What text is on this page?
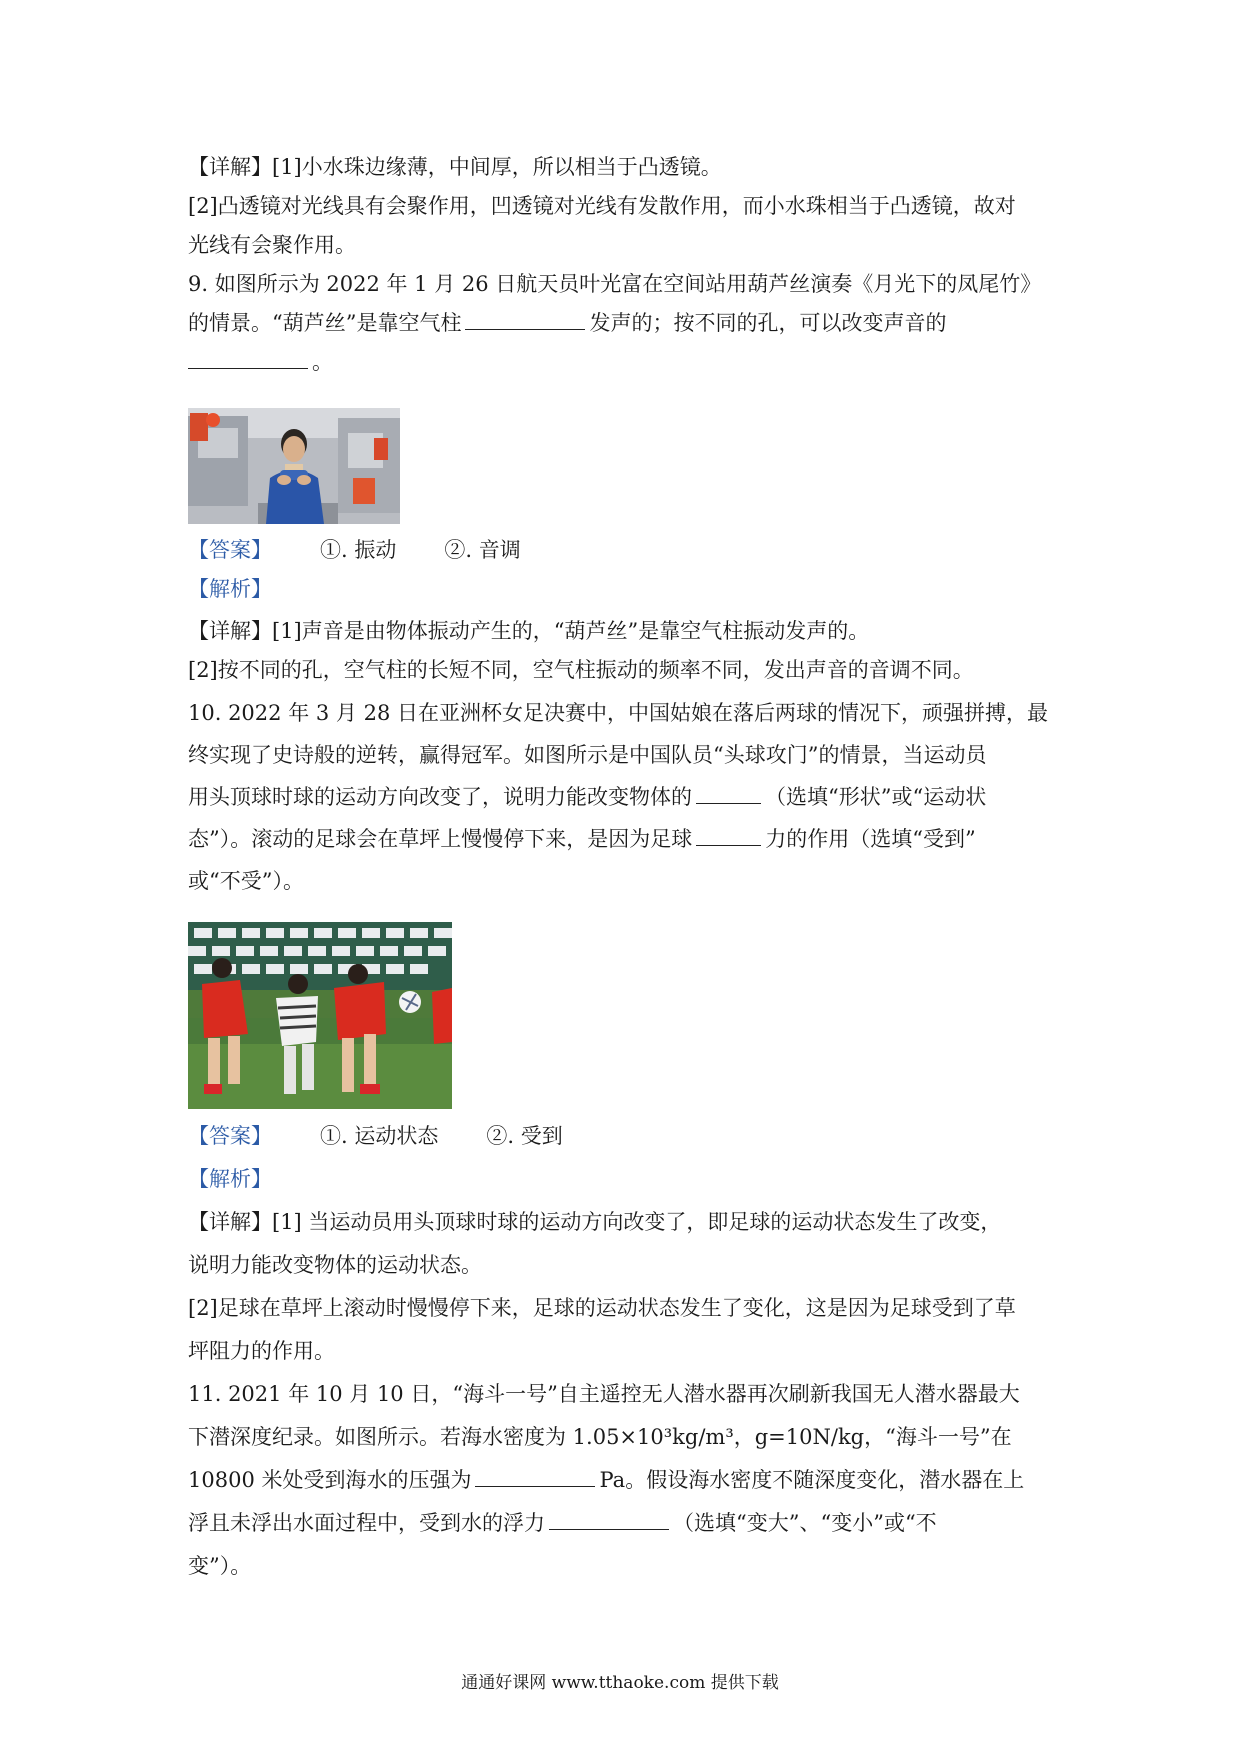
【详解】[1]小水珠边缘薄，中间厚，所以相当于凸透镜。

[2]凸透镜对光线具有会聚作用，凹透镜对光线有发散作用，而小水珠相当于凸透镜，故对

光线有会聚作用。

9. 如图所示为 2022 年 1 月 26 日航天员叶光富在空间站用葫芦丝演奏《月光下的凤尾竹》

的情景。“葫芦丝”是靠空气柱	发声的；按不同的孔，可以改变声音的

。

【答案】 ①. 振动 ②. 音调

【解析】

【详解】[1]声音是由物体振动产生的，“葫芦丝”是靠空气柱振动发声的。

[2]按不同的孔，空气柱的长短不同，空气柱振动的频率不同，发出声音的音调不同。

10. 2022 年 3 月 28 日在亚洲杯女足决赛中，中国姑娘在落后两球的情况下，顽强拼搏，最

终实现了史诗般的逆转，赢得冠军。如图所示是中国队员“头球攻门”的情景，当运动员

用头顶球时球的运动方向改变了，说明力能改变物体的	（选填“形状”或“运动状

态”）。滚动的足球会在草坪上慢慢停下来，是因为足球	力的作用（选填“受到”

或“不受”）。

【答案】 ①. 运动状态 ②. 受到

【解析】

【详解】[1] 当运动员用头顶球时球的运动方向改变了，即足球的运动状态发生了改变，

说明力能改变物体的运动状态。

[2]足球在草坪上滚动时慢慢停下来，足球的运动状态发生了变化，这是因为足球受到了草

坪阻力的作用。

11. 2021 年 10 月 10 日，“海斗一号”自主遥控无人潜水器再次刷新我国无人潜水器最大

下潜深度纪录。如图所示。若海水密度为 1.05×10³kg/m³，g=10N/kg，“海斗一号”在

10800 米处受到海水的压强为	Pa。假设海水密度不随深度变化，潜水器在上

浮且未浮出水面过程中，受到水的浮力	（选填“变大”、“变小”或“不

变”）。

通通好课网 www.tthaoke.com 提供下载
